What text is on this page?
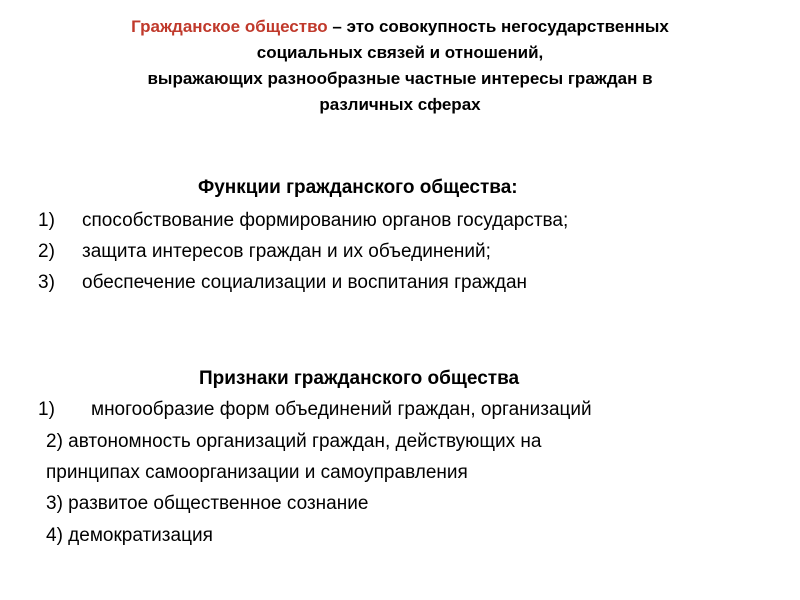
Гражданское общество – это совокупность негосударственных
социальных связей и отношений,
выражающих разнообразные частные интересы граждан в
различных сферах
Функции гражданского общества:
1) способствование формированию органов государства;
2) защита интересов граждан и их объединений;
3) обеспечение социализации и воспитания граждан
Признаки гражданского общества
1) многообразие форм объединений граждан, организаций
2) автономность организаций граждан, действующих на
принципах самоорганизации и самоуправления
3) развитое общественное сознание
4) демократизация
